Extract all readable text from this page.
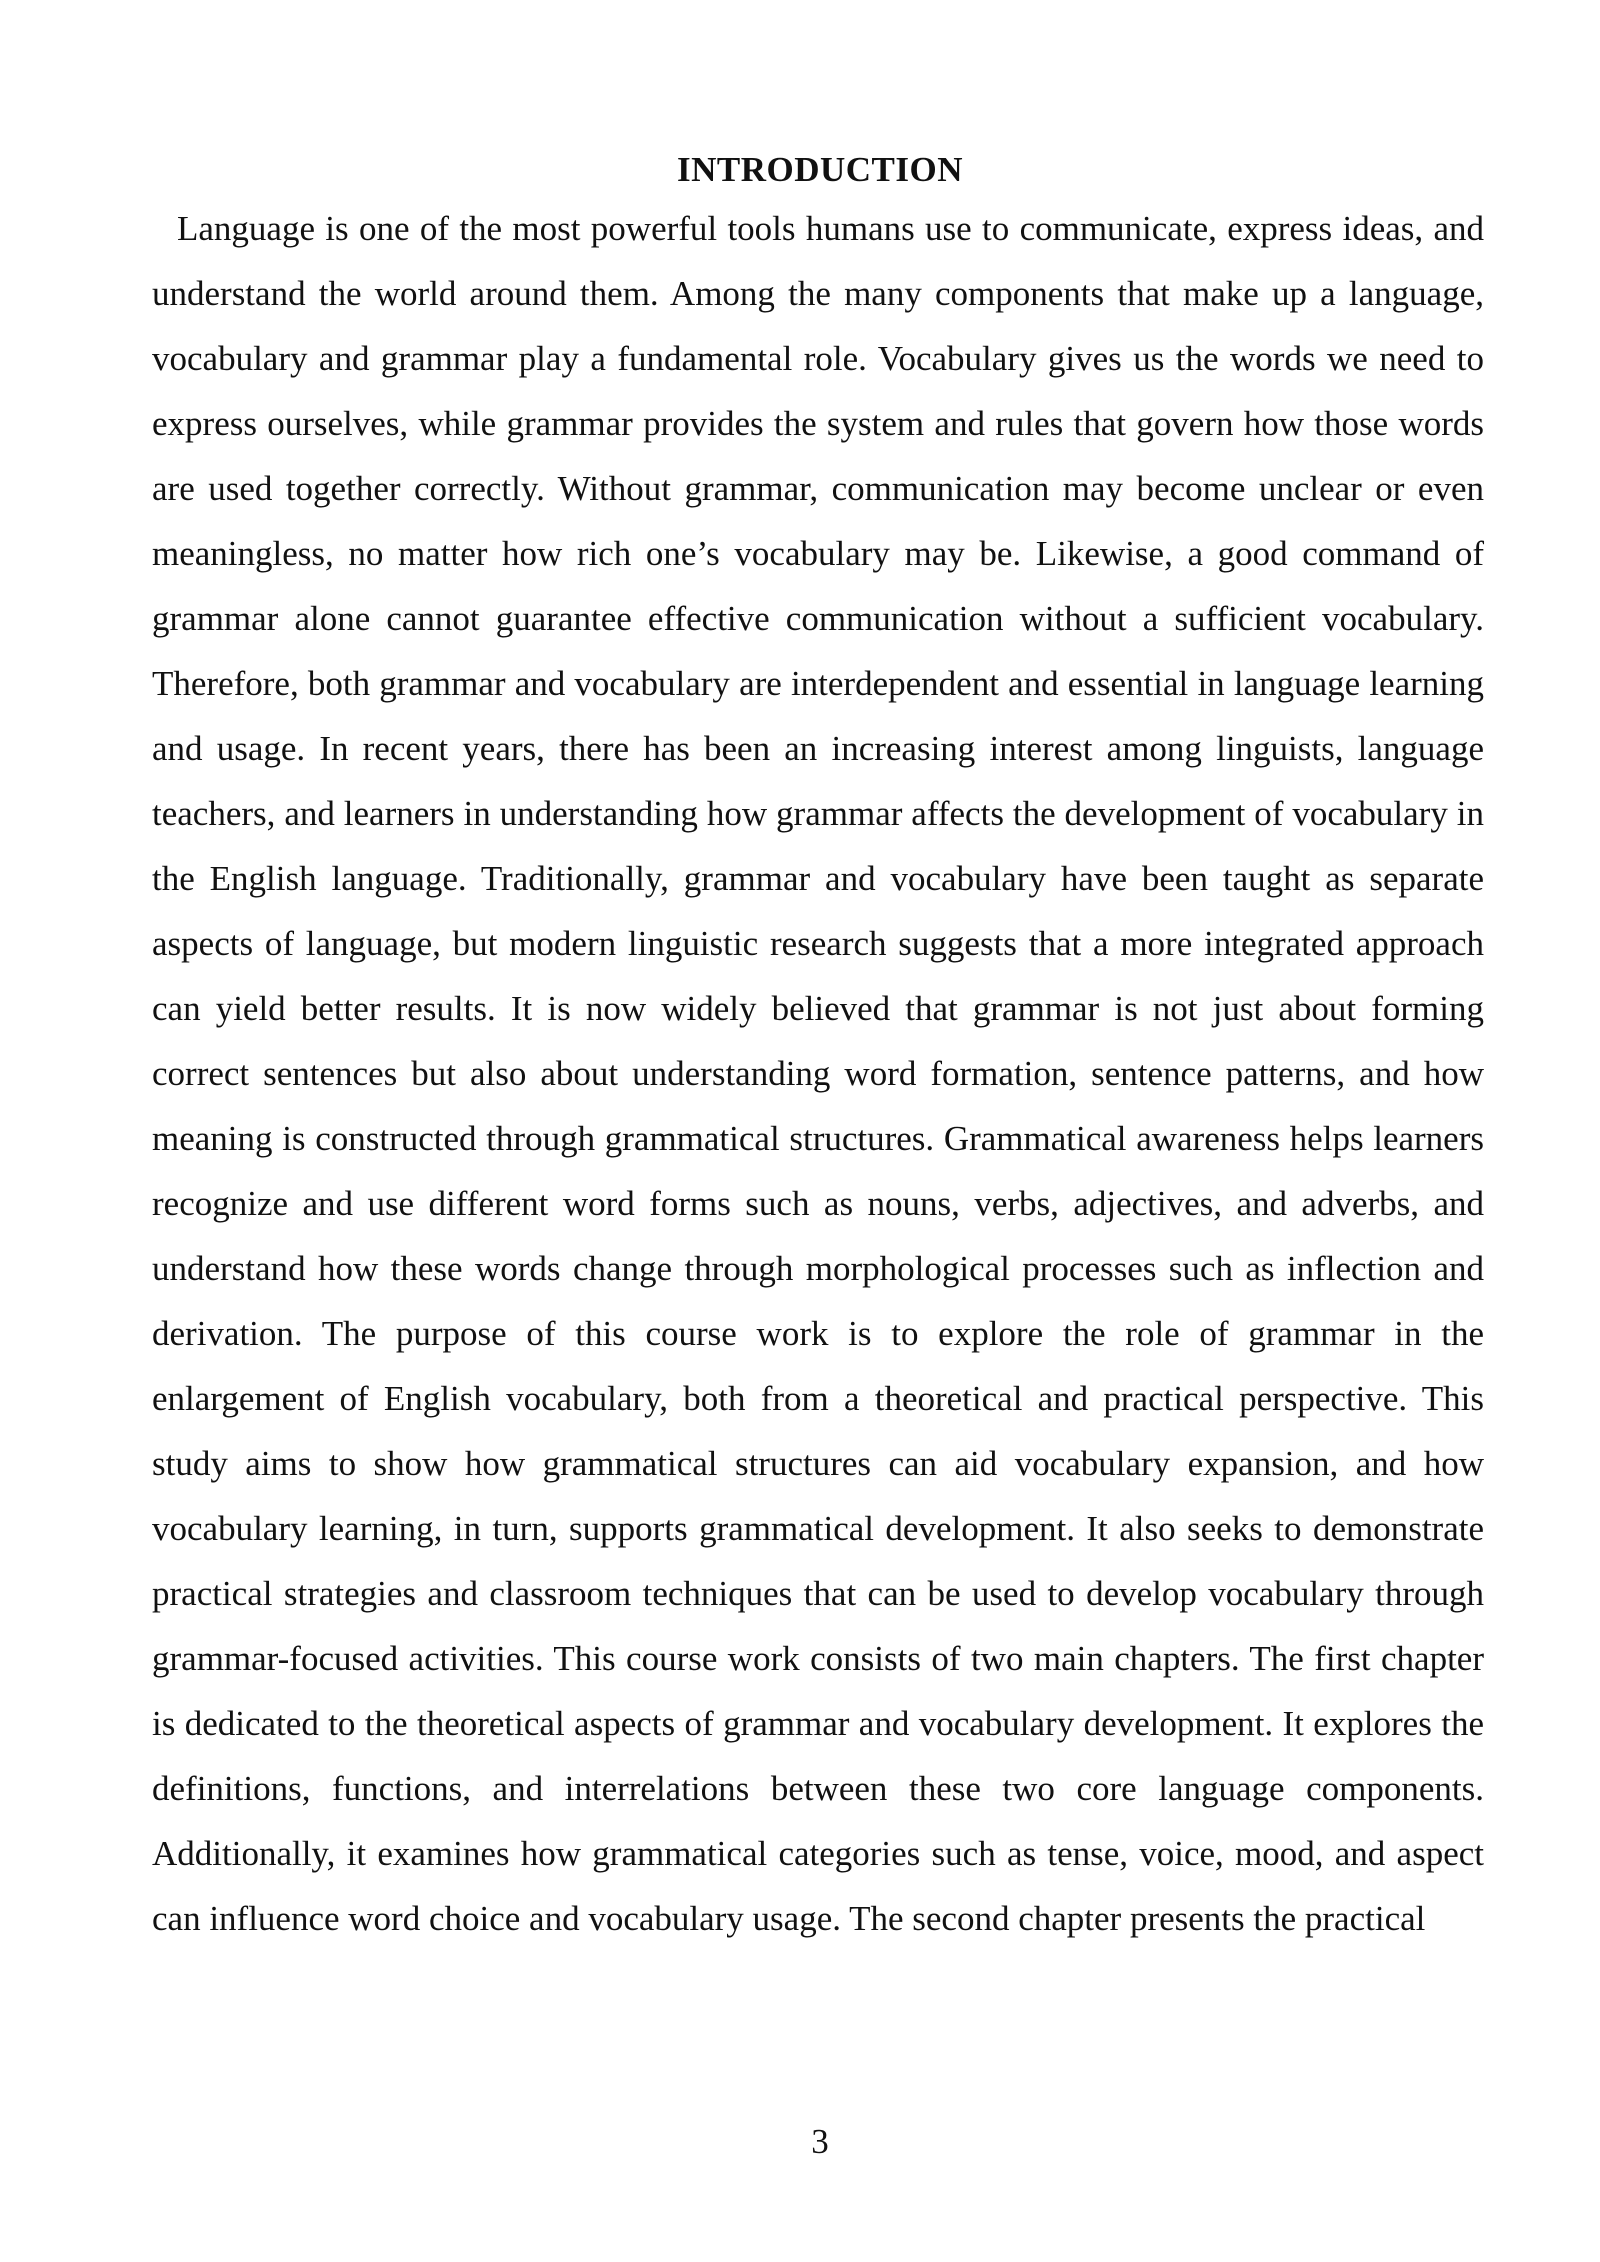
INTRODUCTION

Language is one of the most powerful tools humans use to communicate, express ideas, and understand the world around them. Among the many components that make up a language, vocabulary and grammar play a fundamental role. Vocabulary gives us the words we need to express ourselves, while grammar provides the system and rules that govern how those words are used together correctly. Without grammar, communication may become unclear or even meaningless, no matter how rich one’s vocabulary may be. Likewise, a good command of grammar alone cannot guarantee effective communication without a sufficient vocabulary. Therefore, both grammar and vocabulary are interdependent and essential in language learning and usage. In recent years, there has been an increasing interest among linguists, language teachers, and learners in understanding how grammar affects the development of vocabulary in the English language. Traditionally, grammar and vocabulary have been taught as separate aspects of language, but modern linguistic research suggests that a more integrated approach can yield better results. It is now widely believed that grammar is not just about forming correct sentences but also about understanding word formation, sentence patterns, and how meaning is constructed through grammatical structures. Grammatical awareness helps learners recognize and use different word forms such as nouns, verbs, adjectives, and adverbs, and understand how these words change through morphological processes such as inflection and derivation. The purpose of this course work is to explore the role of grammar in the enlargement of English vocabulary, both from a theoretical and practical perspective. This study aims to show how grammatical structures can aid vocabulary expansion, and how vocabulary learning, in turn, supports grammatical development. It also seeks to demonstrate practical strategies and classroom techniques that can be used to develop vocabulary through grammar-focused activities. This course work consists of two main chapters. The first chapter is dedicated to the theoretical aspects of grammar and vocabulary development. It explores the definitions, functions, and interrelations between these two core language components. Additionally, it examines how grammatical categories such as tense, voice, mood, and aspect can influence word choice and vocabulary usage. The second chapter presents the practical

3
